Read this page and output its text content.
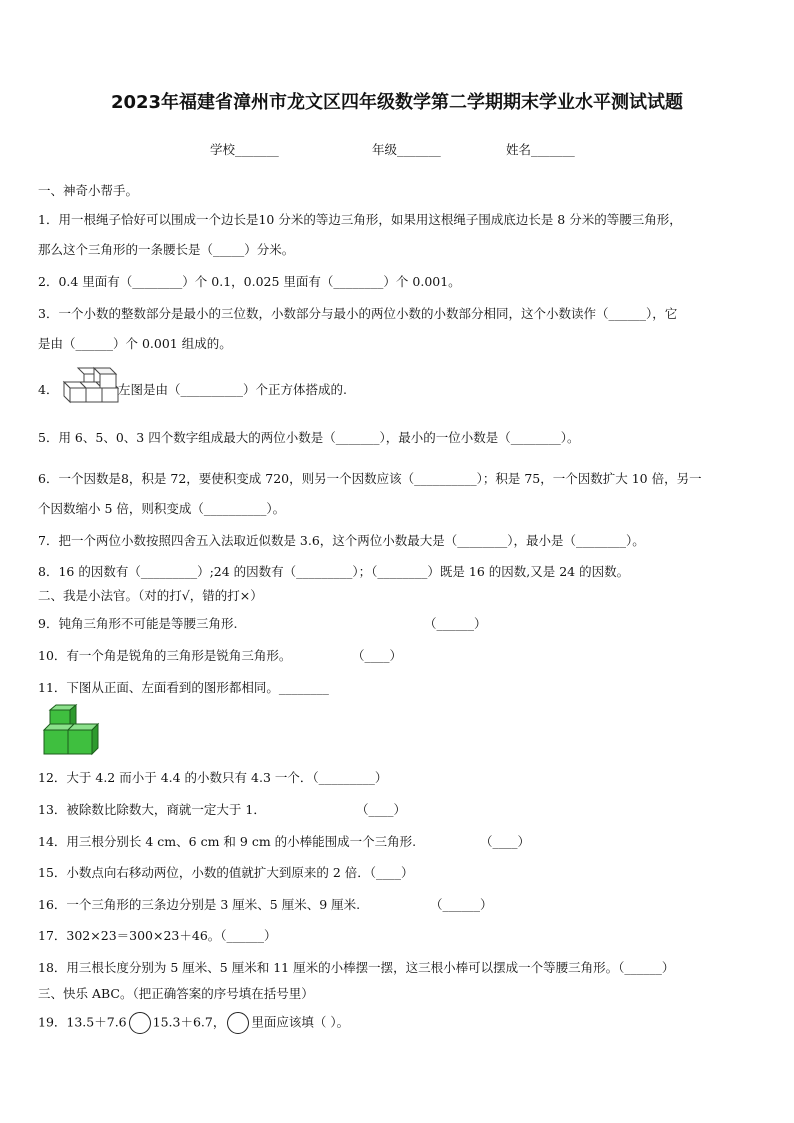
2023年福建省漳州市龙文区四年级数学第二学期期末学业水平测试试题
学校_______	年级_______	姓名_______
一、神奇小帮手。
1．用一根绳子恰好可以围成一个边长是10 分米的等边三角形，如果用这根绳子围成底边长是 8 分米的等腰三角形，
那么这个三角形的一条腰长是（_____）分米。
2．0.4 里面有（________）个 0.1，0.025 里面有（________）个 0.001。
3．一个小数的整数部分是最小的三位数，小数部分与最小的两位小数的小数部分相同，这个小数读作（______），它
是由（______）个 0.001 组成的。
4．	左图是由（__________）个正方体搭成的.
5．用 6、5、0、3 四个数字组成最大的两位小数是（_______），最小的一位小数是（________）。
6．一个因数是8，积是 72，要使积变成 720，则另一个因数应该（__________）；积是 75，一个因数扩大 10 倍，另一
个因数缩小 5 倍，则积变成（__________）。
7．把一个两位小数按照四舍五入法取近似数是 3.6，这个两位小数最大是（________），最小是（________）。
8．16 的因数有（_________）;24 的因数有（_________）；（________）既是 16 的因数,又是 24 的因数。
二、我是小法官。（对的打√，错的打×）
9．钝角三角形不可能是等腰三角形.	（______）
10．有一个角是锐角的三角形是锐角三角形。	（____）
11．下图从正面、左面看到的图形都相同。________
12．大于 4.2 而小于 4.4 的小数只有 4.3 一个．（_________）
13．被除数比除数大，商就一定大于 1．	（____）
14．用三根分别长 4 cm、6 cm 和 9 cm 的小棒能围成一个三角形.	（____）
15．小数点向右移动两位，小数的值就扩大到原来的 2 倍．（____）
16．一个三角形的三条边分别是 3 厘米、5 厘米、9 厘米.	（______）
17．302×23＝300×23＋46。（______）
18．用三根长度分别为 5 厘米、5 厘米和 11 厘米的小棒摆一摆，这三根小棒可以摆成一个等腰三角形。（______）
三、快乐 ABC。（把正确答案的序号填在括号里）
19．13.5＋7.6 15.3＋6.7， 里面应该填（ ）。
